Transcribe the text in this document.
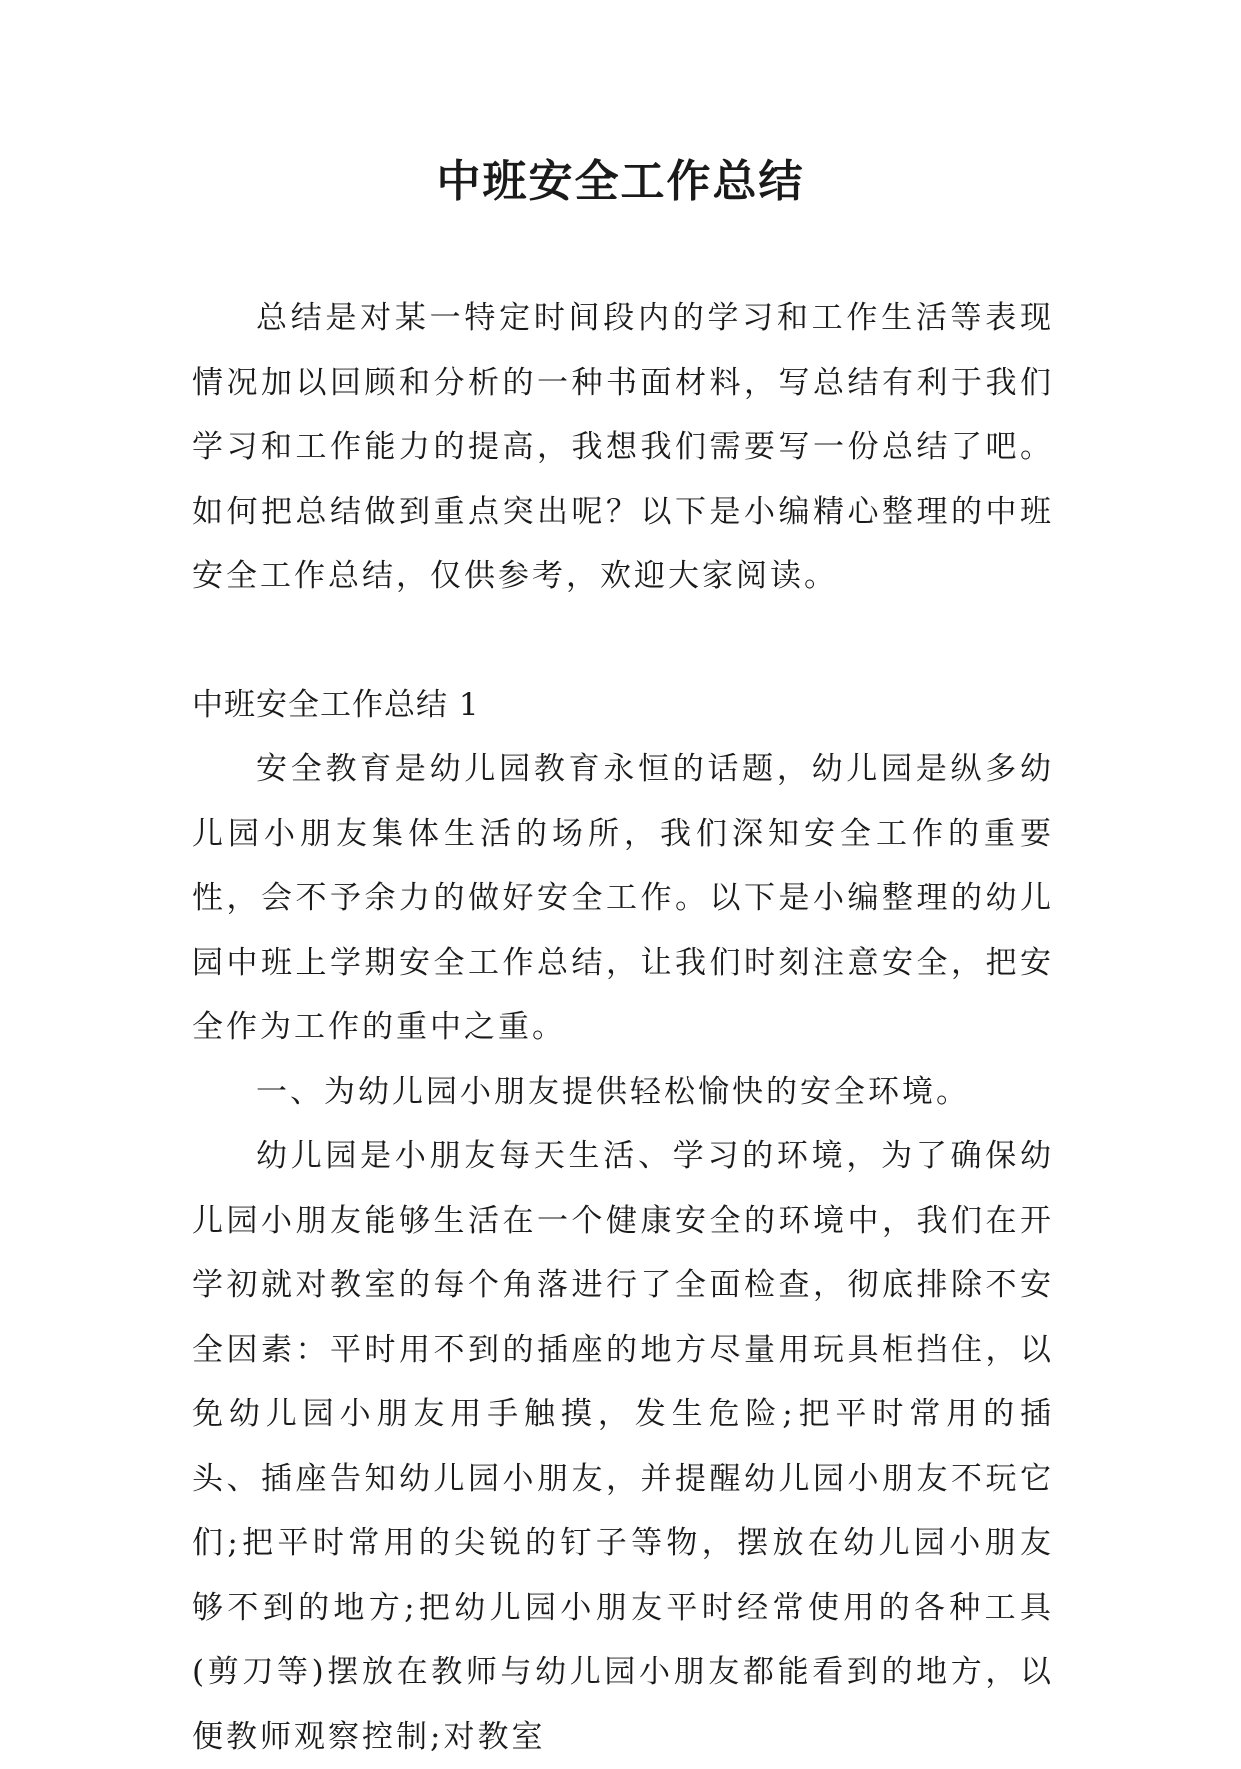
中班安全工作总结

总结是对某一特定时间段内的学习和工作生活等表现情况加以回顾和分析的一种书面材料，写总结有利于我们学习和工作能力的提高，我想我们需要写一份总结了吧。如何把总结做到重点突出呢？以下是小编精心整理的中班安全工作总结，仅供参考，欢迎大家阅读。

中班安全工作总结 1

安全教育是幼儿园教育永恒的话题，幼儿园是纵多幼儿园小朋友集体生活的场所，我们深知安全工作的重要性，会不予余力的做好安全工作。以下是小编整理的幼儿园中班上学期安全工作总结，让我们时刻注意安全，把安全作为工作的重中之重。

一、为幼儿园小朋友提供轻松愉快的安全环境。

幼儿园是小朋友每天生活、学习的环境，为了确保幼儿园小朋友能够生活在一个健康安全的环境中，我们在开学初就对教室的每个角落进行了全面检查，彻底排除不安全因素：平时用不到的插座的地方尽量用玩具柜挡住，以免幼儿园小朋友用手触摸，发生危险;把平时常用的插头、插座告知幼儿园小朋友，并提醒幼儿园小朋友不玩它们;把平时常用的尖锐的钉子等物，摆放在幼儿园小朋友够不到的地方;把幼儿园小朋友平时经常使用的各种工具(剪刀等)摆放在教师与幼儿园小朋友都能看到的地方，以便教师观察控制;对教室
